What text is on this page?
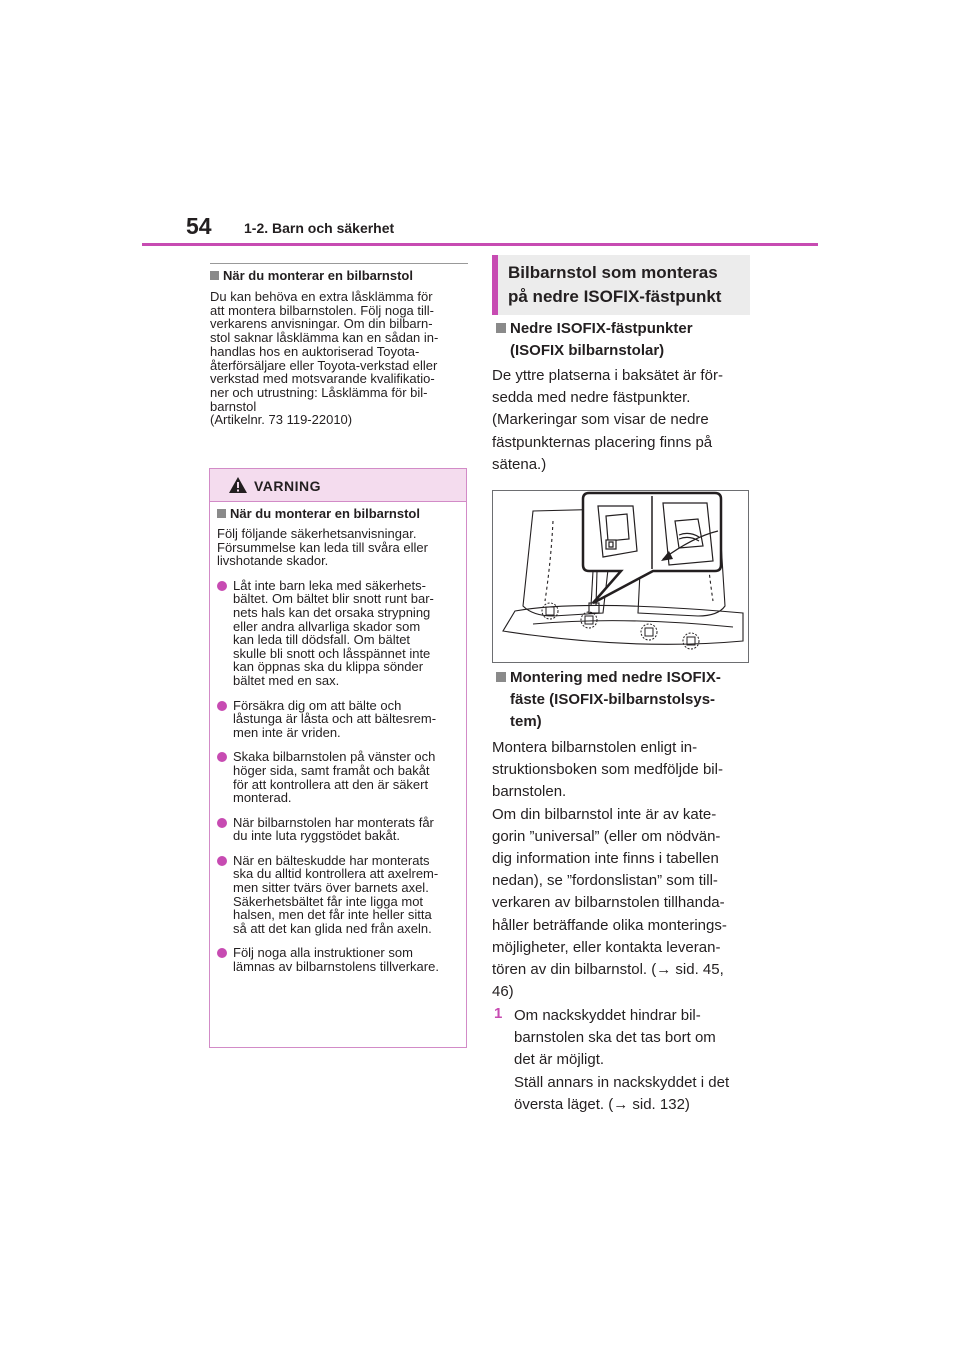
54 1-2. Barn och säkerhet
När du monterar en bilbarnstol

Du kan behöva en extra låsklämma för

att montera bilbarnstolen. Följ noga till-

verkarens anvisningar. Om din bilbarn-

stol saknar låsklämma kan en sådan in-

handlas hos en auktoriserad Toyota-

återförsäljare eller Toyota-verkstad eller

verkstad med motsvarande kvalifikatio-

ner och utrustning: Låsklämma för bil-

barnstol

(Artikelnr. 73 119-22010)

VARNING
När du monterar en bilbarnstol
Följ följande säkerhetsanvisningar.
Försummelse kan leda till svåra eller
livshotande skador.

Låt inte barn leka med säkerhets-

bältet. Om bältet blir snott runt bar-

nets hals kan det orsaka strypning

eller andra allvarliga skador som

kan leda till dödsfall. Om bältet

skulle bli snott och låsspännet inte

kan öppnas ska du klippa sönder

bältet med en sax.

Försäkra dig om att bälte och

låstunga är låsta och att bältesrem-

men inte är vriden.

Skaka bilbarnstolen på vänster och

höger sida, samt framåt och bakåt

för att kontrollera att den är säkert

monterad.

När bilbarnstolen har monterats får

du inte luta ryggstödet bakåt.

När en bälteskudde har monterats

ska du alltid kontrollera att axelrem-

men sitter tvärs över barnets axel.

Säkerhetsbältet får inte ligga mot

halsen, men det får inte heller sitta

så att det kan glida ned från axeln.

Följ noga alla instruktioner som

lämnas av bilbarnstolens tillverkare.

Bilbarnstol som monteras
på nedre ISOFIX-fästpunkt
Nedre ISOFIX-fästpunkter
(ISOFIX bilbarnstolar)

De yttre platserna i baksätet är för-

sedda med nedre fästpunkter.

(Markeringar som visar de nedre

fästpunkternas placering finns på

sätena.)

Montering med nedre ISOFIX-
fäste (ISOFIX-bilbarnstolsys-
tem)

Montera bilbarnstolen enligt in-

struktionsboken som medföljde bil-

barnstolen.

Om din bilbarnstol inte är av kate-

gorin ”universal” (eller om nödvän-

dig information inte finns i tabellen

nedan), se ”fordonslistan” som till-

verkaren av bilbarnstolen tillhanda-

håller beträffande olika monterings-

möjligheter, eller kontakta leveran-

tören av din bilbarnstol. (→ sid. 45,

46)

1 Om nackskyddet hindrar bil-

barnstolen ska det tas bort om

det är möjligt.

Ställ annars in nackskyddet i det

översta läget. (→ sid. 132)
